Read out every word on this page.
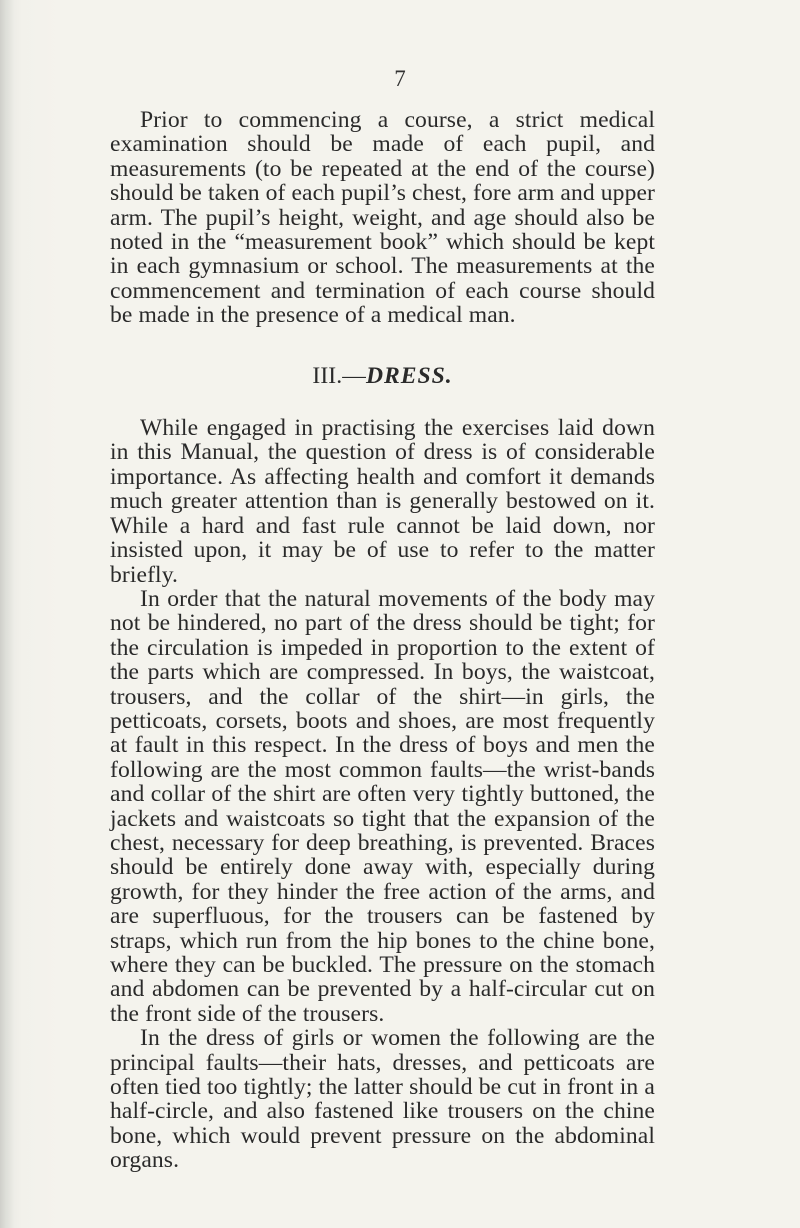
7

Prior to commencing a course, a strict medical examination should be made of each pupil, and measurements (to be repeated at the end of the course) should be taken of each pupil’s chest, fore arm and upper arm. The pupil’s height, weight, and age should also be noted in the “measurement book” which should be kept in each gymnasium or school. The measurements at the commencement and termination of each course should be made in the presence of a medical man.

III.—DRESS.

While engaged in practising the exercises laid down in this Manual, the question of dress is of considerable importance. As affecting health and comfort it demands much greater attention than is generally bestowed on it. While a hard and fast rule cannot be laid down, nor insisted upon, it may be of use to refer to the matter briefly.

In order that the natural movements of the body may not be hindered, no part of the dress should be tight; for the circulation is impeded in proportion to the extent of the parts which are compressed. In boys, the waistcoat, trousers, and the collar of the shirt—in girls, the petticoats, corsets, boots and shoes, are most frequently at fault in this respect. In the dress of boys and men the following are the most common faults—the wrist-bands and collar of the shirt are often very tightly buttoned, the jackets and waistcoats so tight that the expansion of the chest, necessary for deep breathing, is prevented. Braces should be entirely done away with, especially during growth, for they hinder the free action of the arms, and are superfluous, for the trousers can be fastened by straps, which run from the hip bones to the chine bone, where they can be buckled. The pressure on the stomach and abdomen can be prevented by a half-circular cut on the front side of the trousers.

In the dress of girls or women the following are the principal faults—their hats, dresses, and petticoats are often tied too tightly; the latter should be cut in front in a half-circle, and also fastened like trousers on the chine bone, which would prevent pressure on the abdominal organs.
